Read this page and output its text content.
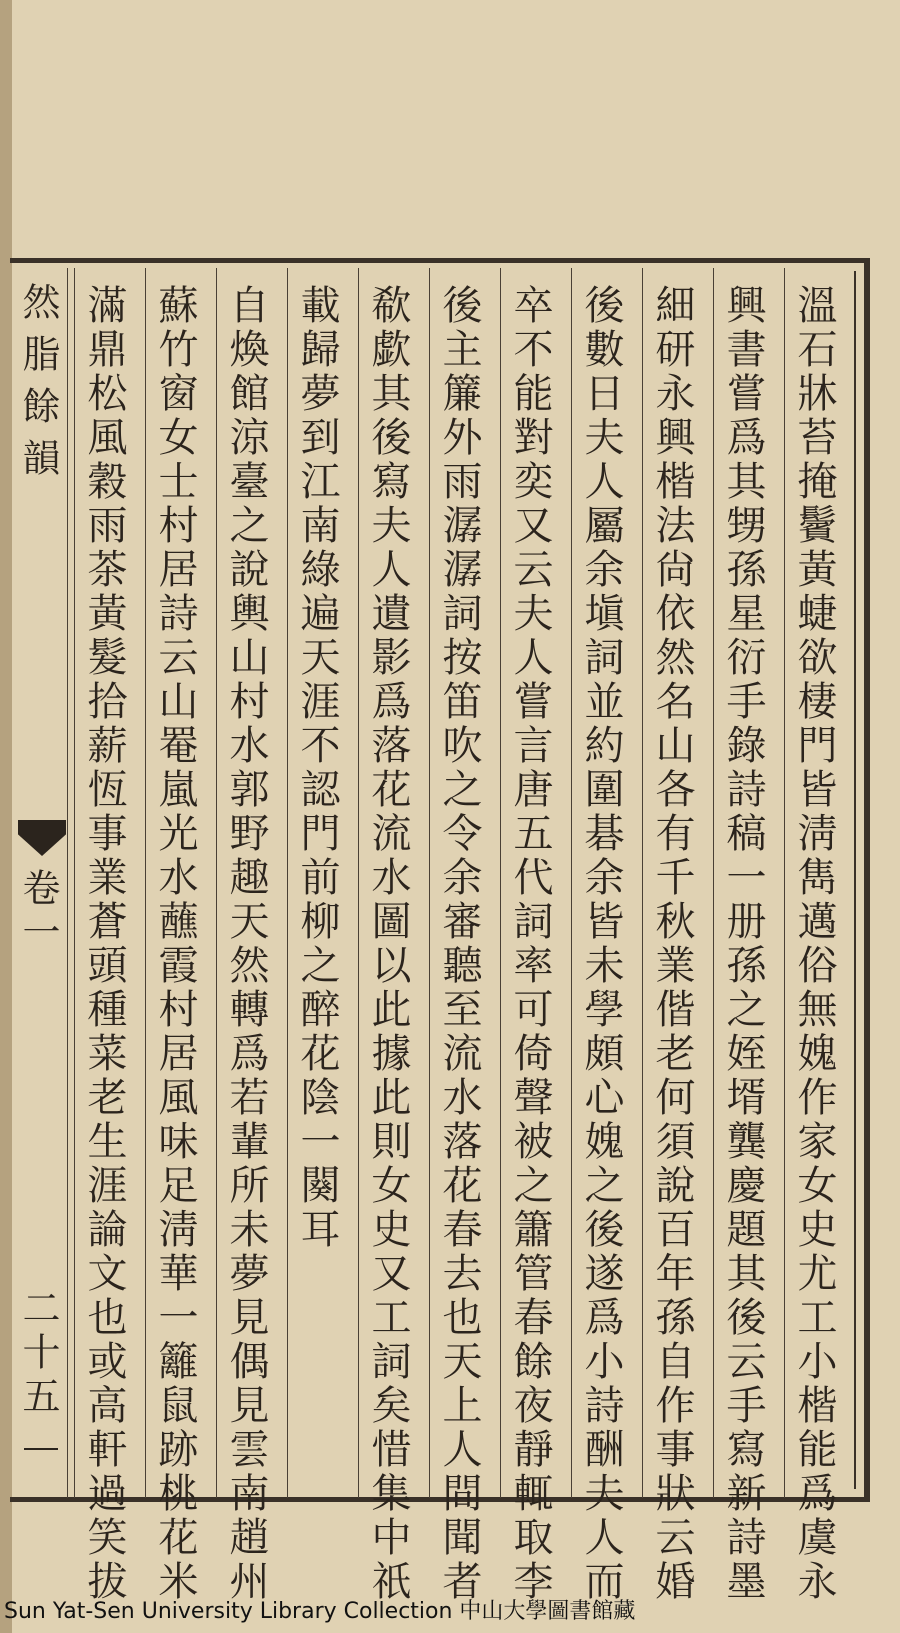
然脂餘韻
卷一
二十五	溫石牀苔掩鬢黃蜨欲棲門皆淸雋邁俗無媿作家女史尤工小楷能爲虞永
興書嘗爲其甥孫星衍手錄詩稿一册孫之姪壻龔慶題其後云手寫新詩墨
細研永興楷法尙依然名山各有千秋業偕老何須說百年孫自作事狀云婚
後數日夫人屬余塡詞並約圍碁余皆未學頗心媿之後遂爲小詩酬夫人而
卒不能對奕又云夫人嘗言唐五代詞率可倚聲被之簫管春餘夜靜輒取李
後主簾外雨潺潺詞按笛吹之令余審聽至流水落花春去也天上人間聞者
欷歔其後寫夫人遺影爲落花流水圖以此據此則女史又工詞矣惜集中祇
載歸夢到江南綠遍天涯不認門前柳之醉花陰一闋耳
自煥館涼臺之說輿山村水郭野趣天然轉爲若輩所未夢見偶見雲南趙州
蘇竹窗女士村居詩云山罨嵐光水蘸霞村居風味足淸華一籬鼠跡桃花米
滿鼎松風穀雨茶黃髮拾薪恆事業蒼頭種菜老生涯論文也或高軒過笑拔
Sun Yat-Sen University Library Collection 中山大學圖書館藏
